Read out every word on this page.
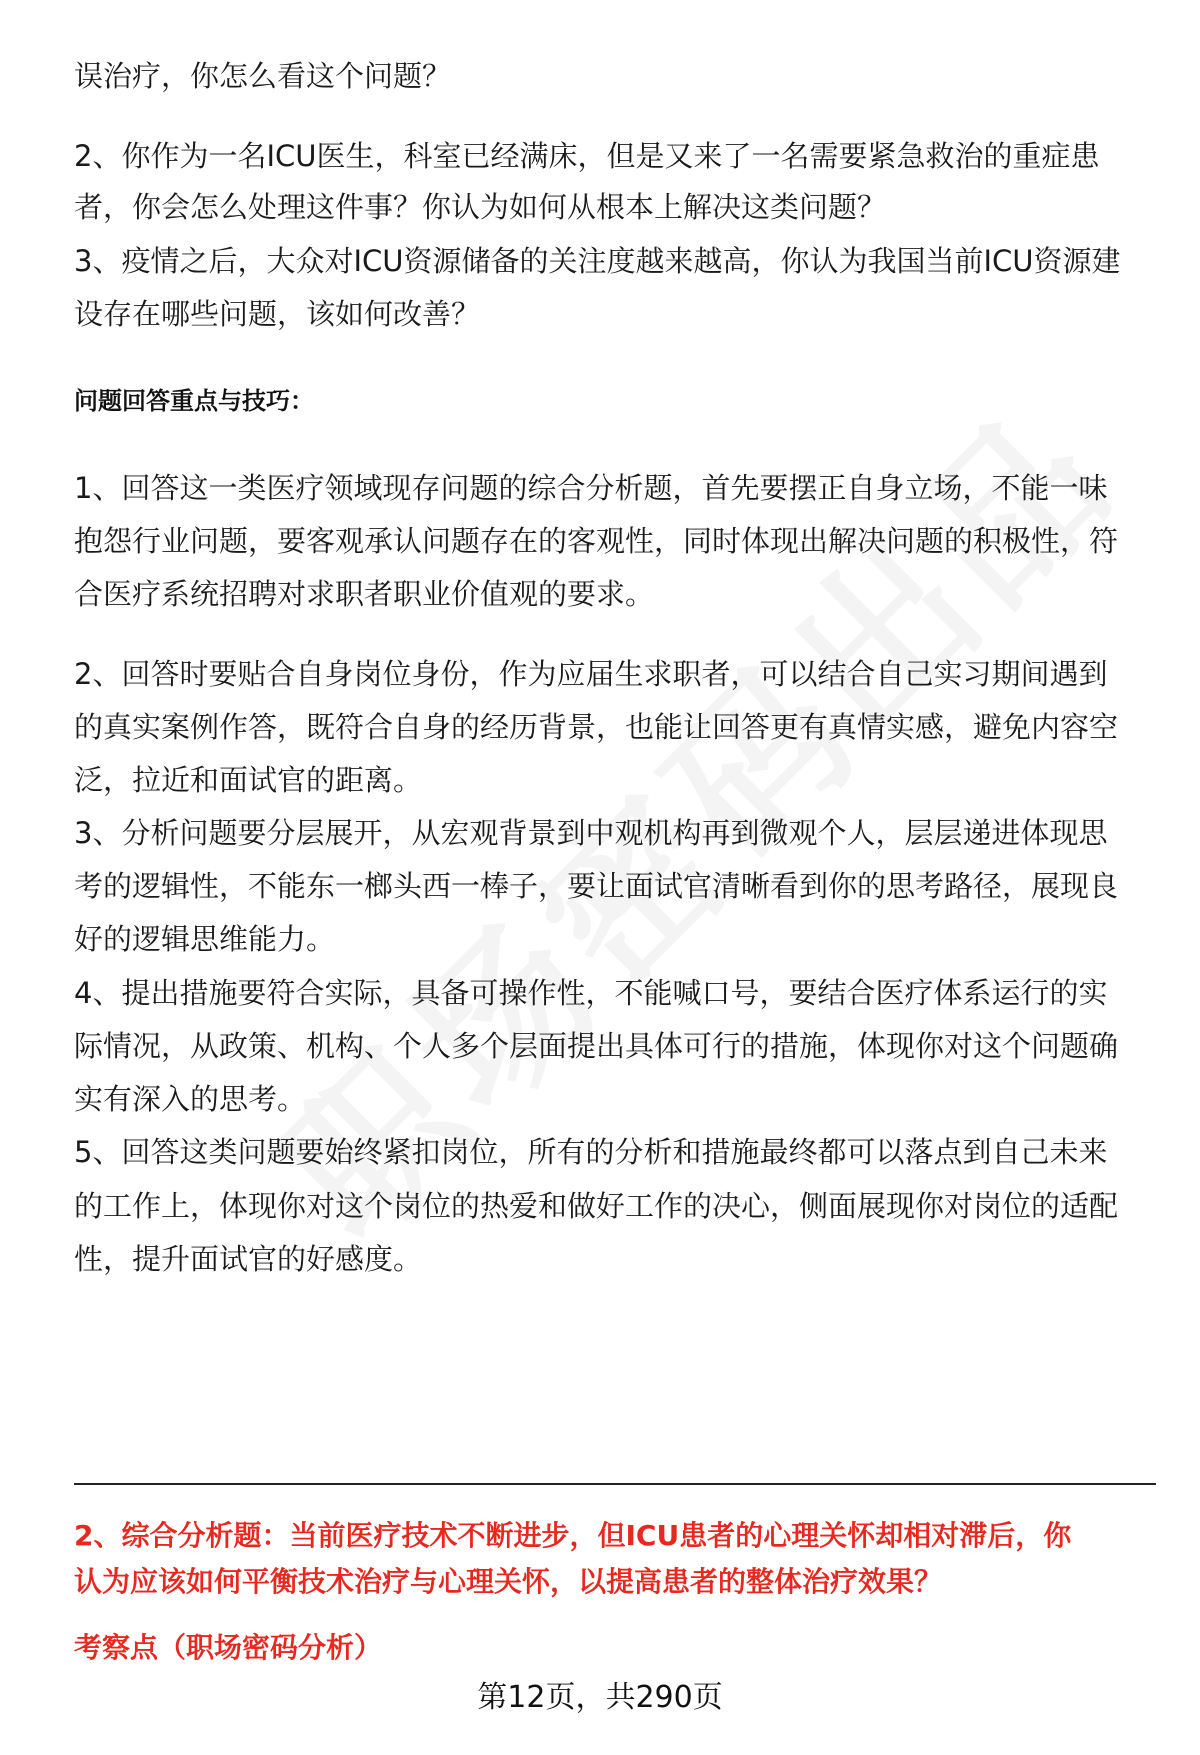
误治疗，你怎么看这个问题？
2、你作为一名ICU医生，科室已经满床，但是又来了一名需要紧急救治的重症患
者，你会怎么处理这件事？你认为如何从根本上解决这类问题？
3、疫情之后，大众对ICU资源储备的关注度越来越高，你认为我国当前ICU资源建
设存在哪些问题，该如何改善？
问题回答重点与技巧：
1、回答这一类医疗领域现存问题的综合分析题，首先要摆正自身立场，不能一味
抱怨行业问题，要客观承认问题存在的客观性，同时体现出解决问题的积极性，符
合医疗系统招聘对求职者职业价值观的要求。
2、回答时要贴合自身岗位身份，作为应届生求职者，可以结合自己实习期间遇到
的真实案例作答，既符合自身的经历背景，也能让回答更有真情实感，避免内容空
泛，拉近和面试官的距离。
3、分析问题要分层展开，从宏观背景到中观机构再到微观个人，层层递进体现思
考的逻辑性，不能东一榔头西一棒子，要让面试官清晰看到你的思考路径，展现良
好的逻辑思维能力。
4、提出措施要符合实际，具备可操作性，不能喊口号，要结合医疗体系运行的实
际情况，从政策、机构、个人多个层面提出具体可行的措施，体现你对这个问题确
实有深入的思考。
5、回答这类问题要始终紧扣岗位，所有的分析和措施最终都可以落点到自己未来
的工作上，体现你对这个岗位的热爱和做好工作的决心，侧面展现你对岗位的适配
性，提升面试官的好感度。
2、综合分析题：当前医疗技术不断进步，但ICU患者的心理关怀却相对滞后，你
认为应该如何平衡技术治疗与心理关怀，以提高患者的整体治疗效果？
考察点（职场密码分析）
第12页，共290页
